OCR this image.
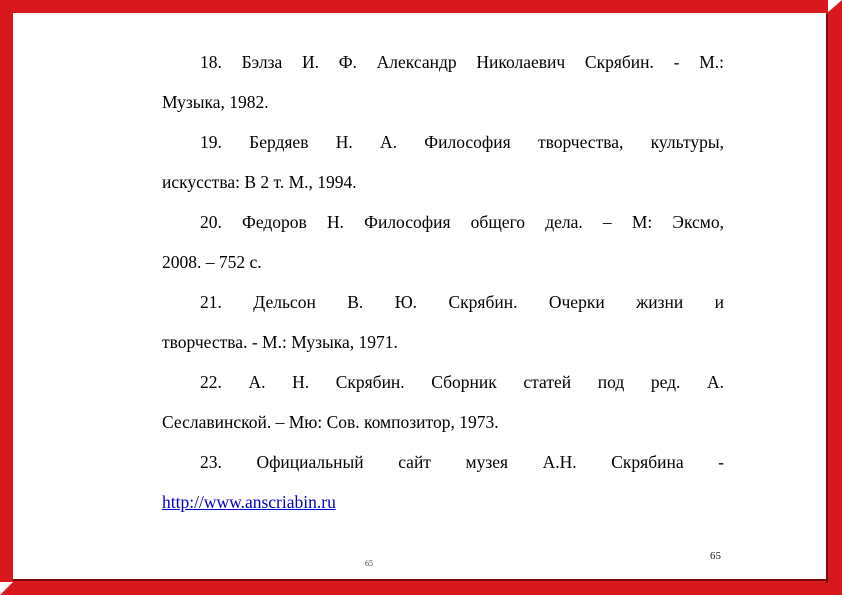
18. Бэлза И. Ф. Александр Николаевич Скрябин. - М.:
Музыка, 1982.

19. Бердяев Н. А. Философия творчества, культуры,
искусства: В 2 т. М., 1994.

20. Федоров Н. Философия общего дела. – М: Эксмо,
2008. – 752 с.

21. Дельсон В. Ю. Скрябин. Очерки жизни и
творчества. - М.: Музыка, 1971.

22. А. Н. Скрябин. Сборник статей под ред. А.
Сеславинской. – Мю: Сов. композитор, 1973.

23. Официальный сайт музея А.Н. Скрябина -
http://www.anscriabin.ru

65
65
